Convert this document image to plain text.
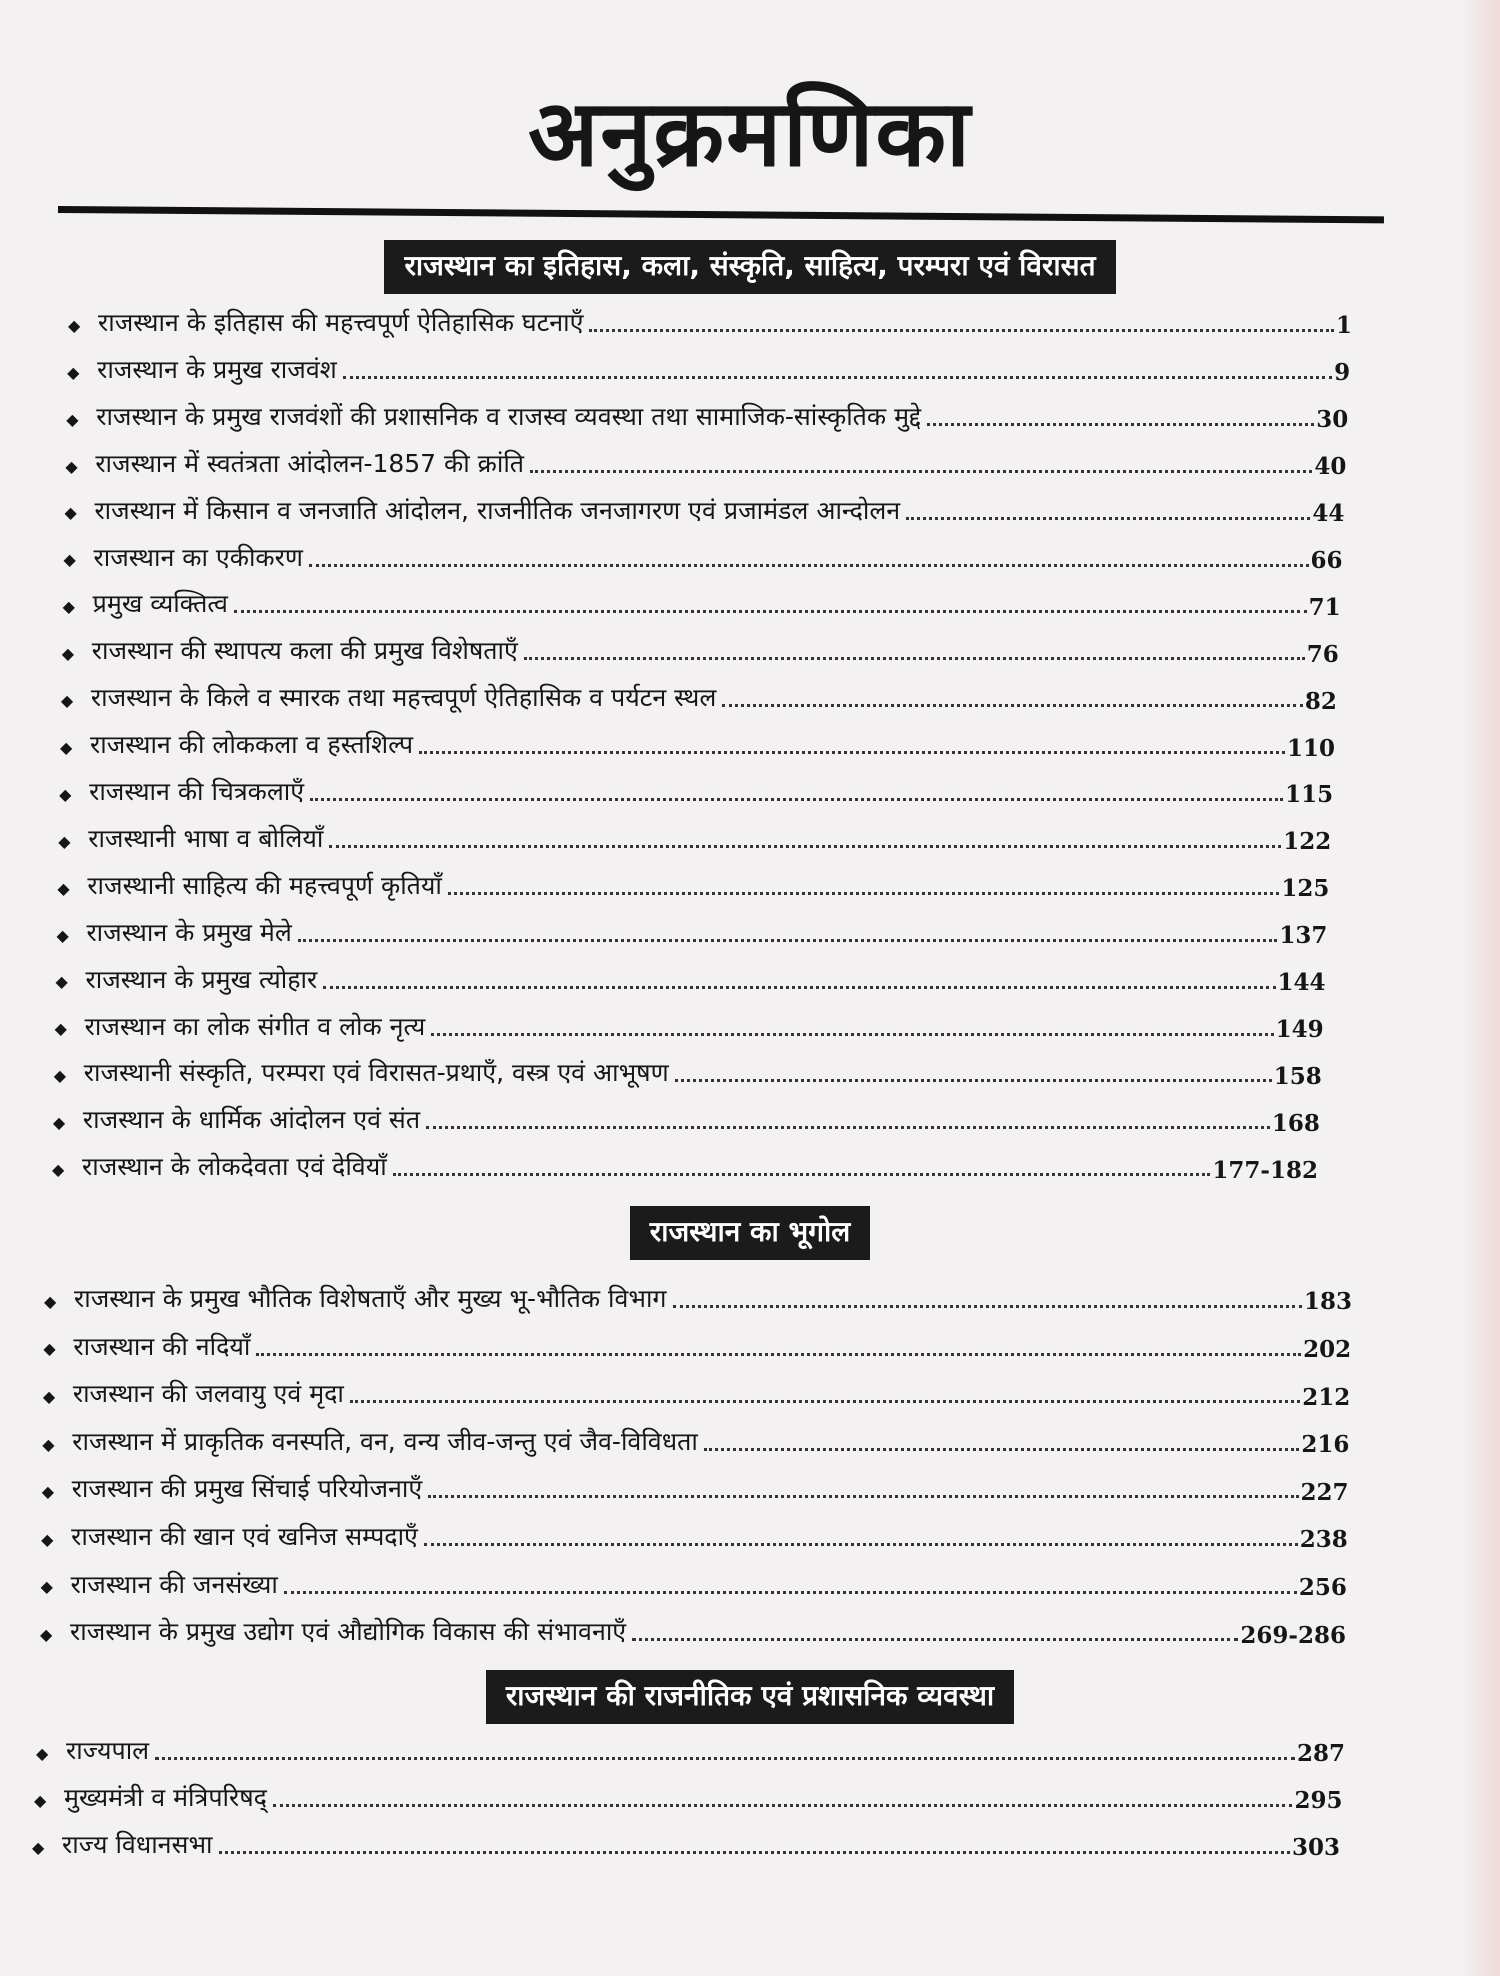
अनुक्रमणिका
राजस्थान का इतिहास, कला, संस्कृति, साहित्य, परम्परा एवं विरासत
◆ राजस्थान के इतिहास की महत्त्वपूर्ण ऐतिहासिक घटनाएँ	1
◆ राजस्थान के प्रमुख राजवंश	9
◆ राजस्थान के प्रमुख राजवंशों की प्रशासनिक व राजस्व व्यवस्था तथा सामाजिक-सांस्कृतिक मुद्दे	30
◆ राजस्थान में स्वतंत्रता आंदोलन-1857 की क्रांति	40
◆ राजस्थान में किसान व जनजाति आंदोलन, राजनीतिक जनजागरण एवं प्रजामंडल आन्दोलन	44
◆ राजस्थान का एकीकरण	66
◆ प्रमुख व्यक्तित्व	71
◆ राजस्थान की स्थापत्य कला की प्रमुख विशेषताएँ	76
◆ राजस्थान के किले व स्मारक तथा महत्त्वपूर्ण ऐतिहासिक व पर्यटन स्थल	82
◆ राजस्थान की लोककला व हस्तशिल्प	110
◆ राजस्थान की चित्रकलाएँ	115
◆ राजस्थानी भाषा व बोलियाँ	122
◆ राजस्थानी साहित्य की महत्त्वपूर्ण कृतियाँ	125
◆ राजस्थान के प्रमुख मेले	137
◆ राजस्थान के प्रमुख त्योहार	144
◆ राजस्थान का लोक संगीत व लोक नृत्य	149
◆ राजस्थानी संस्कृति, परम्परा एवं विरासत-प्रथाएँ, वस्त्र एवं आभूषण	158
◆ राजस्थान के धार्मिक आंदोलन एवं संत	168
◆ राजस्थान के लोकदेवता एवं देवियाँ	177-182
राजस्थान का भूगोल
◆ राजस्थान के प्रमुख भौतिक विशेषताएँ और मुख्य भू-भौतिक विभाग	183
◆ राजस्थान की नदियाँ	202
◆ राजस्थान की जलवायु एवं मृदा	212
◆ राजस्थान में प्राकृतिक वनस्पति, वन, वन्य जीव-जन्तु एवं जैव-विविधता	216
◆ राजस्थान की प्रमुख सिंचाई परियोजनाएँ	227
◆ राजस्थान की खान एवं खनिज सम्पदाएँ	238
◆ राजस्थान की जनसंख्या	256
◆ राजस्थान के प्रमुख उद्योग एवं औद्योगिक विकास की संभावनाएँ	269-286
राजस्थान की राजनीतिक एवं प्रशासनिक व्यवस्था
◆ राज्यपाल	287
◆ मुख्यमंत्री व मंत्रिपरिषद्	295
◆ राज्य विधानसभा	303
